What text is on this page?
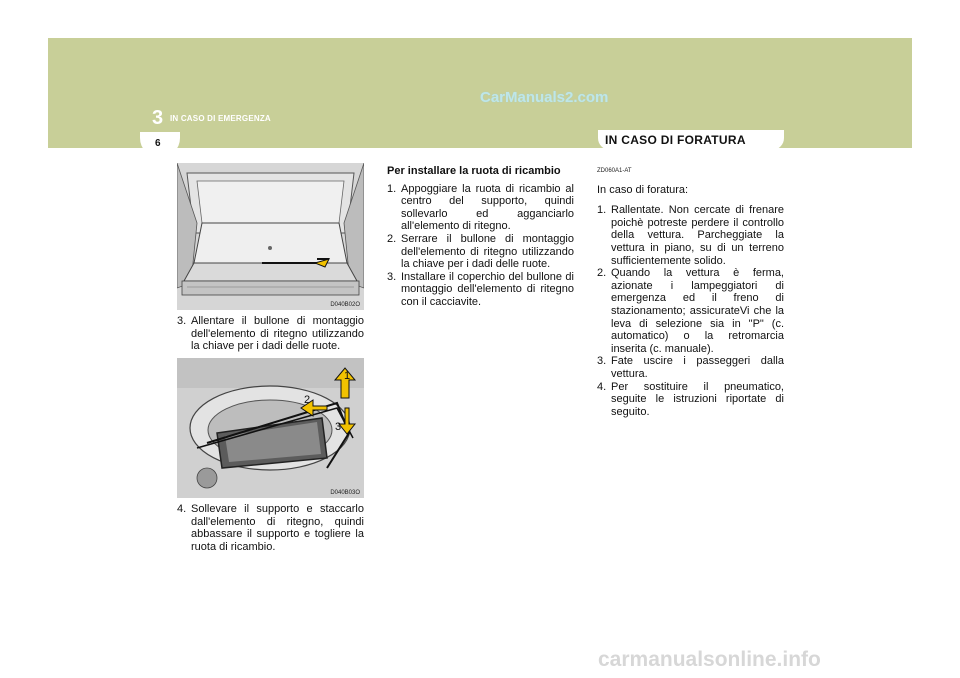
3 IN CASO DI EMERGENZA
CarManuals2.com
6	IN CASO DI FORATURA
D040B02O
1
2
3
D040B03O
3. Allentare il bullone di montaggio dell'elemento di ritegno utilizzando la chiave per i dadi delle ruote.
4. Sollevare il supporto e staccarlo dall'elemento di ritegno, quindi abbassare il supporto e togliere la ruota di ricambio.

Per installare la ruota di ricambio

1. Appoggiare la ruota di ricambio al centro del supporto, quindi sollevarlo ed agganciarlo all'elemento di ritegno.
2. Serrare il bullone di montaggio dell'elemento di ritegno utilizzando la chiave per i dadi delle ruote.
3. Installare il coperchio del bullone di montaggio dell'elemento di ritegno con il cacciavite.

ZD060A1-AT

In caso di foratura:

1. Rallentate. Non cercate di frenare poichè potreste perdere il controllo della vettura. Parcheggiate la vettura in piano, su di un terreno sufficientemente solido.
2. Quando la vettura è ferma, azionate i lampeggiatori di emergenza ed il freno di stazionamento; assicurateVi che la leva di selezione sia in "P" (c. automatico) o la retromarcia inserita (c. manuale).
3. Fate uscire i passeggeri dalla vettura.
4. Per sostituire il pneumatico, seguite le istruzioni riportate di seguito.
carmanualsonline.info
